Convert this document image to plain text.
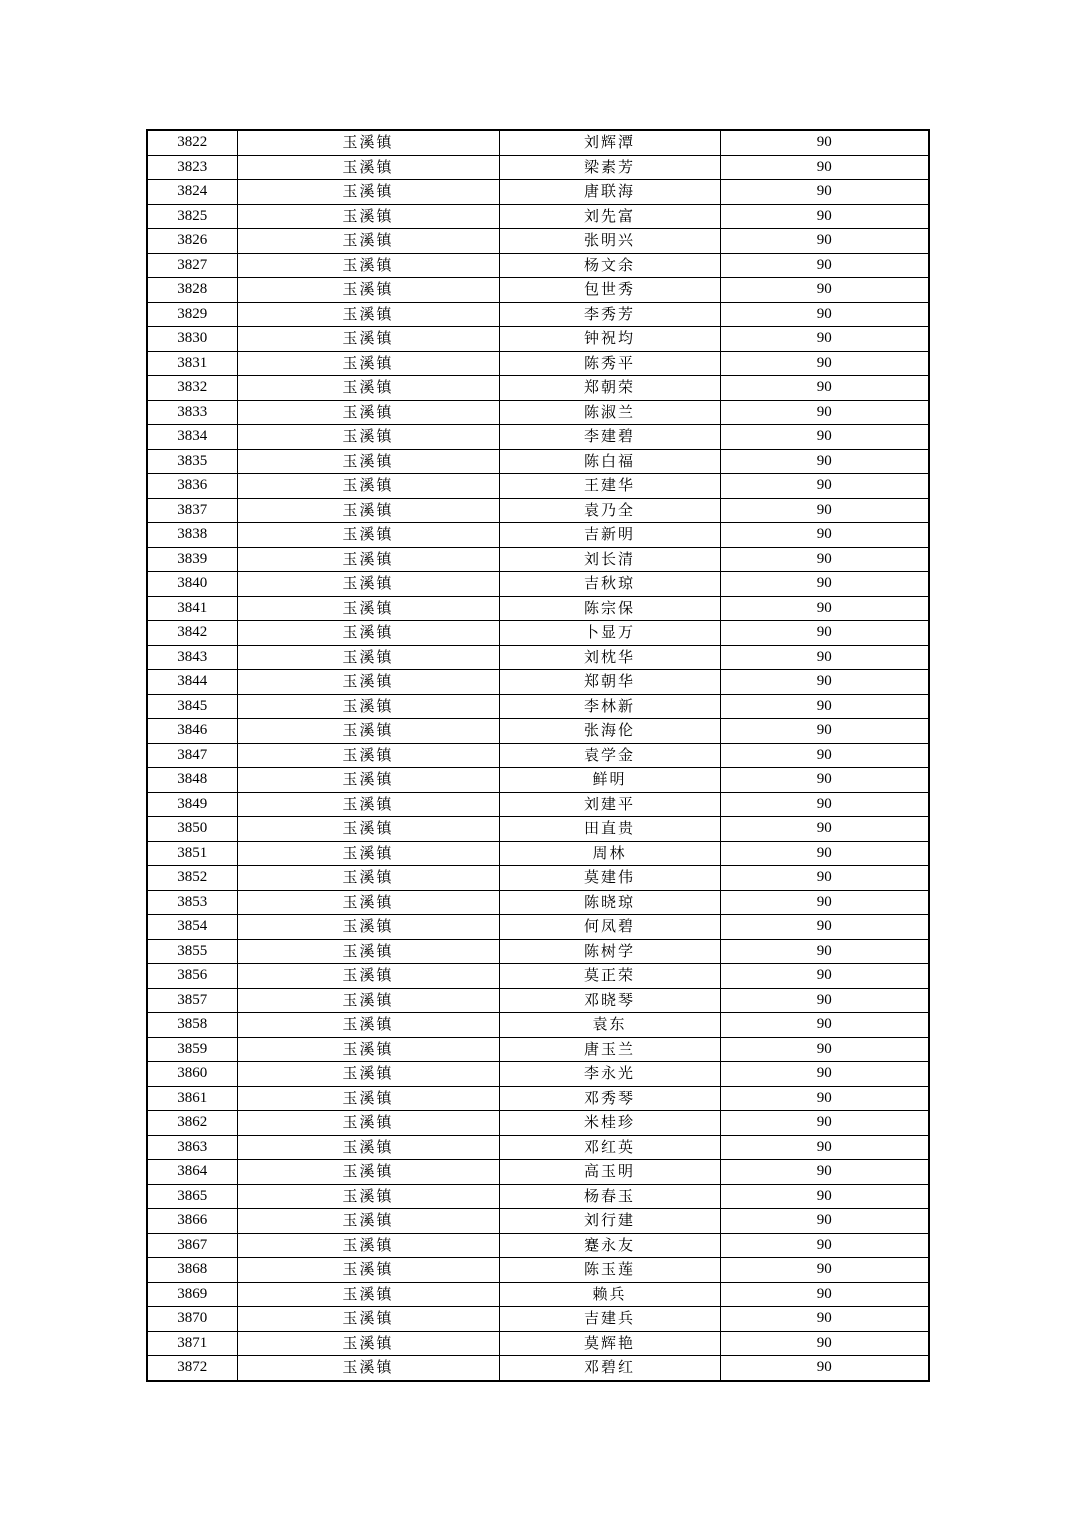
3822	玉溪镇	刘辉潭	90
3823	玉溪镇	梁素芳	90
3824	玉溪镇	唐联海	90
3825	玉溪镇	刘先富	90
3826	玉溪镇	张明兴	90
3827	玉溪镇	杨文余	90
3828	玉溪镇	包世秀	90
3829	玉溪镇	李秀芳	90
3830	玉溪镇	钟祝均	90
3831	玉溪镇	陈秀平	90
3832	玉溪镇	郑朝荣	90
3833	玉溪镇	陈淑兰	90
3834	玉溪镇	李建碧	90
3835	玉溪镇	陈白福	90
3836	玉溪镇	王建华	90
3837	玉溪镇	袁乃全	90
3838	玉溪镇	吉新明	90
3839	玉溪镇	刘长清	90
3840	玉溪镇	吉秋琼	90
3841	玉溪镇	陈宗保	90
3842	玉溪镇	卜显万	90
3843	玉溪镇	刘枕华	90
3844	玉溪镇	郑朝华	90
3845	玉溪镇	李林新	90
3846	玉溪镇	张海伦	90
3847	玉溪镇	袁学金	90
3848	玉溪镇	鲜明	90
3849	玉溪镇	刘建平	90
3850	玉溪镇	田直贵	90
3851	玉溪镇	周林	90
3852	玉溪镇	莫建伟	90
3853	玉溪镇	陈晓琼	90
3854	玉溪镇	何凤碧	90
3855	玉溪镇	陈树学	90
3856	玉溪镇	莫正荣	90
3857	玉溪镇	邓晓琴	90
3858	玉溪镇	袁东	90
3859	玉溪镇	唐玉兰	90
3860	玉溪镇	李永光	90
3861	玉溪镇	邓秀琴	90
3862	玉溪镇	米桂珍	90
3863	玉溪镇	邓红英	90
3864	玉溪镇	高玉明	90
3865	玉溪镇	杨春玉	90
3866	玉溪镇	刘行建	90
3867	玉溪镇	蹇永友	90
3868	玉溪镇	陈玉莲	90
3869	玉溪镇	赖兵	90
3870	玉溪镇	吉建兵	90
3871	玉溪镇	莫辉艳	90
3872	玉溪镇	邓碧红	90
